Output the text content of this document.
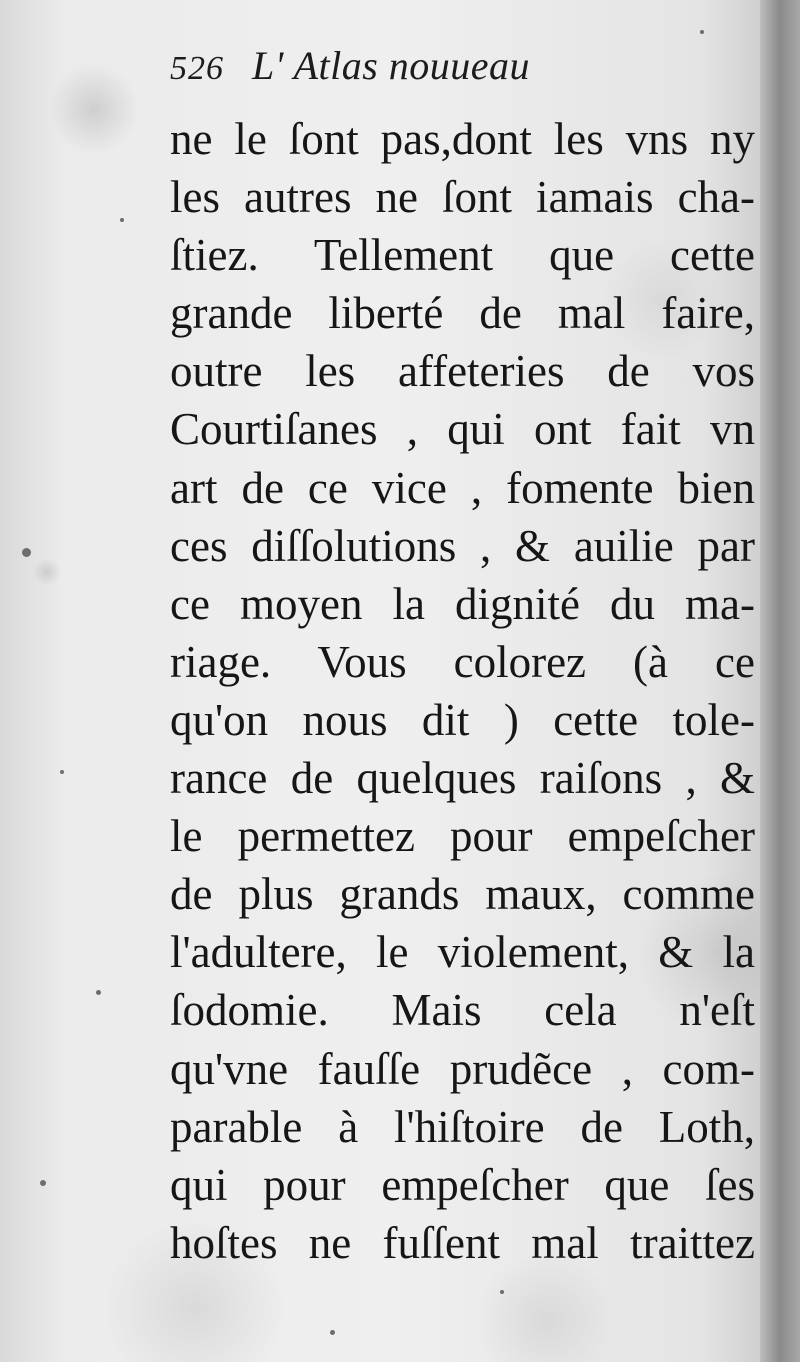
526 L' Atlas nouueau
ne le ſont pas,dont les vns ny
les autres ne ſont iamais cha-
ſtiez. Tellement que cette
grande liberté de mal faire,
outre les affeteries de vos
Courtiſanes , qui ont fait vn
art de ce vice , fomente bien
ces diſſolutions , & auilie par
ce moyen la dignité du ma-
riage. Vous colorez (à ce
qu'on nous dit ) cette tole-
rance de quelques raiſons , &
le permettez pour empeſcher
de plus grands maux, comme
l'adultere, le violement, & la
ſodomie. Mais cela n'eſt
qu'vne fauſſe prudẽce , com-
parable à l'hiſtoire de Loth,
qui pour empeſcher que ſes
hoſtes ne fuſſent mal traittez
